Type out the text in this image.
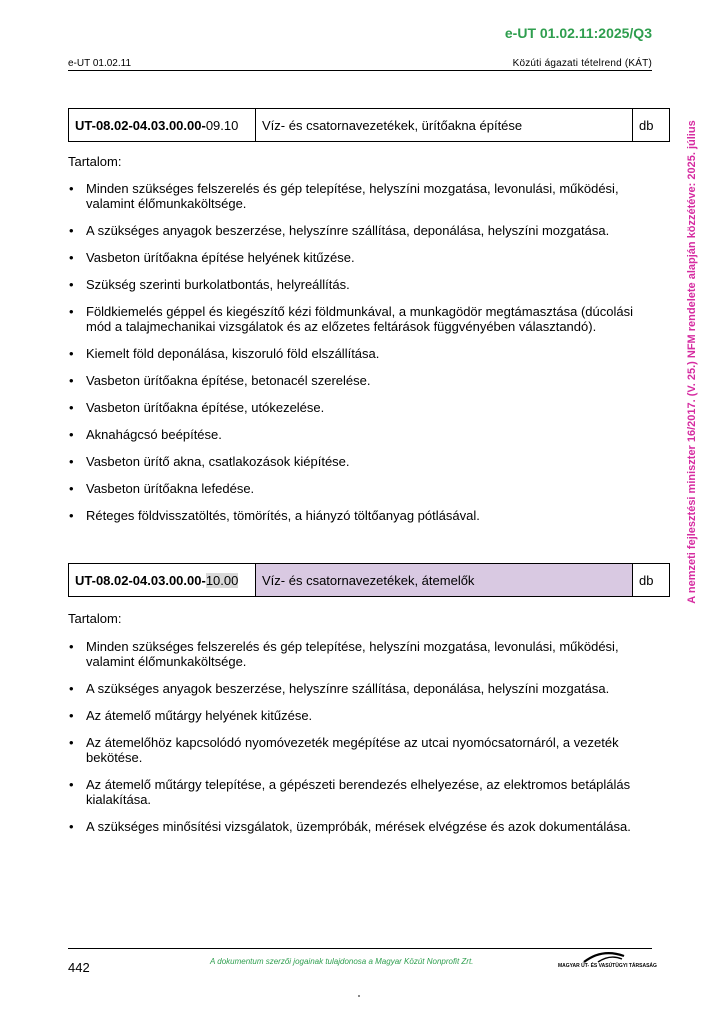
e-UT 01.02.11:2025/Q3
e-UT 01.02.11	Közúti ágazati tételrend (KÁT)
A nemzeti fejlesztési miniszter 16/2017. (V. 25.) NFM rendelete alapján közzétéve: 2025. július
UT-08.02-04.03.00.00-09.10	Víz- és csatornavezetékek, ürítőakna építése	db
Tartalom:
• Minden szükséges felszerelés és gép telepítése, helyszíni mozgatása, levonulási, működési, valamint élőmunkaköltsége.
• A szükséges anyagok beszerzése, helyszínre szállítása, deponálása, helyszíni mozgatása.
• Vasbeton ürítőakna építése helyének kitűzése.
• Szükség szerinti burkolatbontás, helyreállítás.
• Földkiemelés géppel és kiegészítő kézi földmunkával, a munkagödör megtámasztása (dúcolási mód a talajmechanikai vizsgálatok és az előzetes feltárások függvényében választandó).
• Kiemelt föld deponálása, kiszoruló föld elszállítása.
• Vasbeton ürítőakna építése, betonacél szerelése.
• Vasbeton ürítőakna építése, utókezelése.
• Aknahágcsó beépítése.
• Vasbeton ürítő akna, csatlakozások kiépítése.
• Vasbeton ürítőakna lefedése.
• Réteges földvisszatöltés, tömörítés, a hiányzó töltőanyag pótlásával.
UT-08.02-04.03.00.00-10.00	Víz- és csatornavezetékek, átemelők	db
Tartalom:
• Minden szükséges felszerelés és gép telepítése, helyszíni mozgatása, levonulási, működési, valamint élőmunkaköltsége.
• A szükséges anyagok beszerzése, helyszínre szállítása, deponálása, helyszíni mozgatása.
• Az átemelő műtárgy helyének kitűzése.
• Az átemelőhöz kapcsolódó nyomóvezeték megépítése az utcai nyomócsatornáról, a vezeték bekötése.
• Az átemelő műtárgy telepítése, a gépészeti berendezés elhelyezése, az elektromos betáplálás kialakítása.
• A szükséges minősítési vizsgálatok, üzempróbák, mérések elvégzése és azok dokumentálása.
442	A dokumentum szerzői jogainak tulajdonosa a Magyar Közút Nonprofit Zrt.	MAGYAR ÚT- ÉS VASÚTÜGYI TÁRSASÁG
